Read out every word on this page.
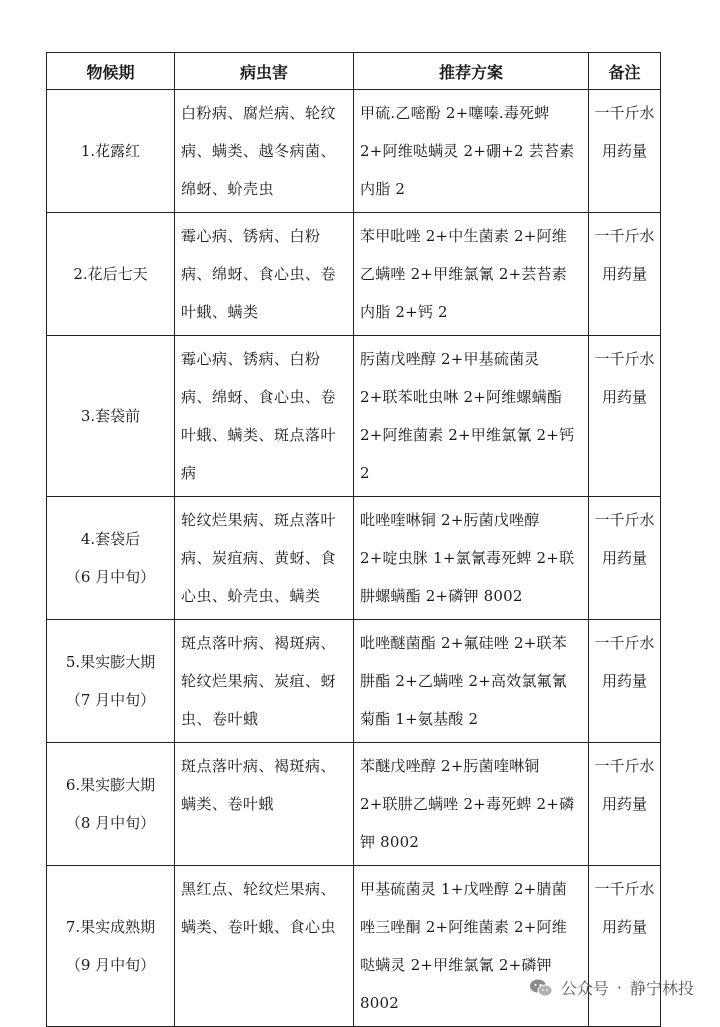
物候期	病虫害	推荐方案	备注

1.花露红	白粉病、腐烂病、轮纹病、螨类、越冬病菌、绵蚜、蚧壳虫	甲硫.乙嘧酚 2+噻嗪.毒死蜱 2+阿维哒螨灵 2+硼+2 芸苔素内脂 2	一千斤水用药量

2.花后七天	霉心病、锈病、白粉病、绵蚜、食心虫、卷叶蛾、螨类	苯甲吡唑 2+中生菌素 2+阿维乙螨唑 2+甲维氯氰 2+芸苔素内脂 2+钙 2	一千斤水用药量

3.套袋前	霉心病、锈病、白粉病、绵蚜、食心虫、卷叶蛾、螨类、斑点落叶病	肟菌戊唑醇 2+甲基硫菌灵 2+联苯吡虫啉 2+阿维螺螨酯 2+阿维菌素 2+甲维氯氰 2+钙 2	一千斤水用药量

4.套袋后
（6 月中旬）	轮纹烂果病、斑点落叶病、炭疽病、黄蚜、食心虫、蚧壳虫、螨类	吡唑喹啉铜 2+肟菌戊唑醇 2+啶虫脒 1+氯氰毒死蜱 2+联肼螺螨酯 2+磷钾 8002	一千斤水用药量

5.果实膨大期
（7 月中旬）	斑点落叶病、褐斑病、轮纹烂果病、炭疽、蚜虫、卷叶蛾	吡唑醚菌酯 2+氟硅唑 2+联苯肼酯 2+乙螨唑 2+高效氯氟氰菊酯 1+氨基酸 2	一千斤水用药量

6.果实膨大期
（8 月中旬）	斑点落叶病、褐斑病、螨类、卷叶蛾	苯醚戊唑醇 2+肟菌喹啉铜 2+联肼乙螨唑 2+毒死蜱 2+磷钾 8002	一千斤水用药量

7.果实成熟期
（9 月中旬）	黑红点、轮纹烂果病、螨类、卷叶蛾、食心虫	甲基硫菌灵 1+戊唑醇 2+腈菌唑三唑酮 2+阿维菌素 2+阿维哒螨灵 2+甲维氯氰 2+磷钾 8002	一千斤水用药量
公众号 · 静宁林投
